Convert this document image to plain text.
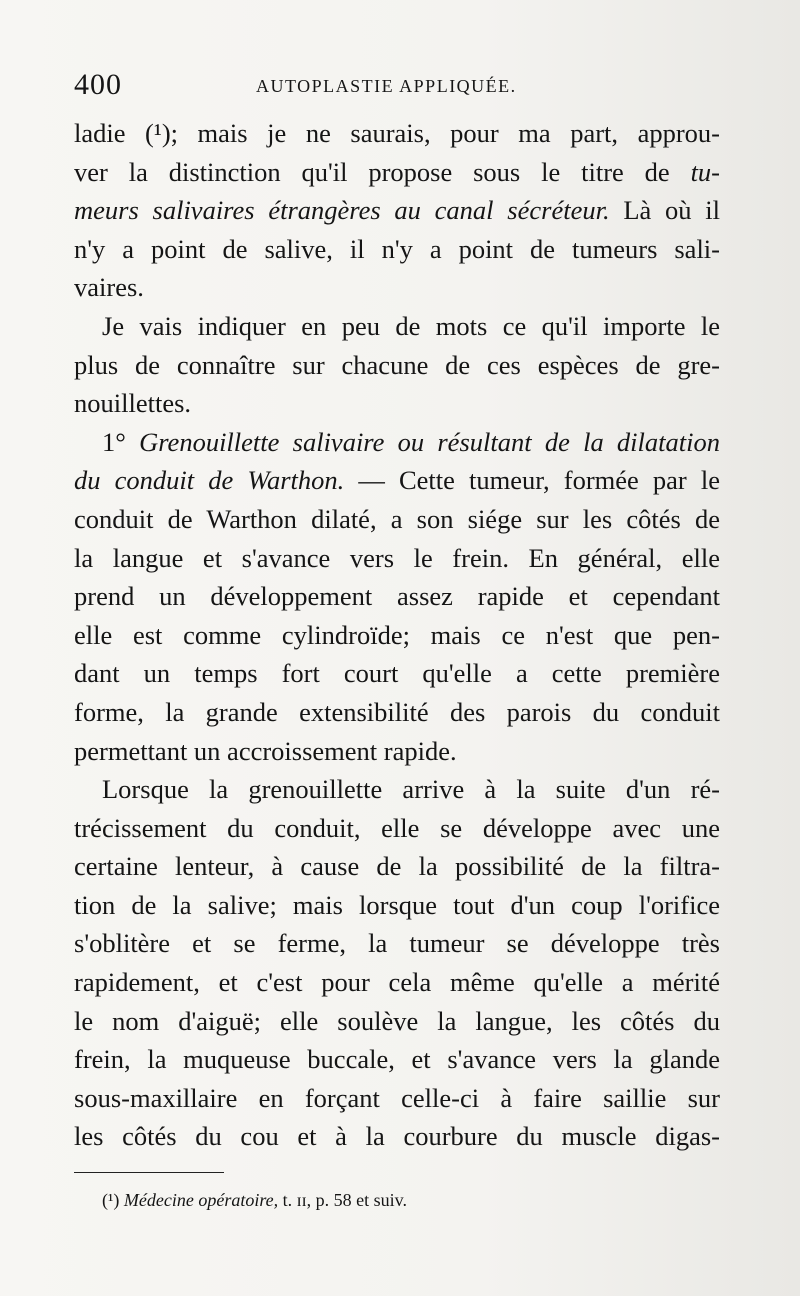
400	AUTOPLASTIE APPLIQUÉE.
ladie (¹); mais je ne saurais, pour ma part, approu-
ver la distinction qu'il propose sous le titre de tu-
meurs salivaires étrangères au canal sécréteur. Là où il
n'y a point de salive, il n'y a point de tumeurs sali-
vaires.
Je vais indiquer en peu de mots ce qu'il importe le
plus de connaître sur chacune de ces espèces de gre-
nouillettes.
1° Grenouillette salivaire ou résultant de la dilatation
du conduit de Warthon. — Cette tumeur, formée par le
conduit de Warthon dilaté, a son siége sur les côtés de
la langue et s'avance vers le frein. En général, elle
prend un développement assez rapide et cependant
elle est comme cylindroïde; mais ce n'est que pen-
dant un temps fort court qu'elle a cette première
forme, la grande extensibilité des parois du conduit
permettant un accroissement rapide.
Lorsque la grenouillette arrive à la suite d'un ré-
trécissement du conduit, elle se développe avec une
certaine lenteur, à cause de la possibilité de la filtra-
tion de la salive; mais lorsque tout d'un coup l'orifice
s'oblitère et se ferme, la tumeur se développe très
rapidement, et c'est pour cela même qu'elle a mérité
le nom d'aiguë; elle soulève la langue, les côtés du
frein, la muqueuse buccale, et s'avance vers la glande
sous-maxillaire en forçant celle-ci à faire saillie sur
les côtés du cou et à la courbure du muscle digas-
(¹) Médecine opératoire, t. ɪɪ, p. 58 et suiv.
